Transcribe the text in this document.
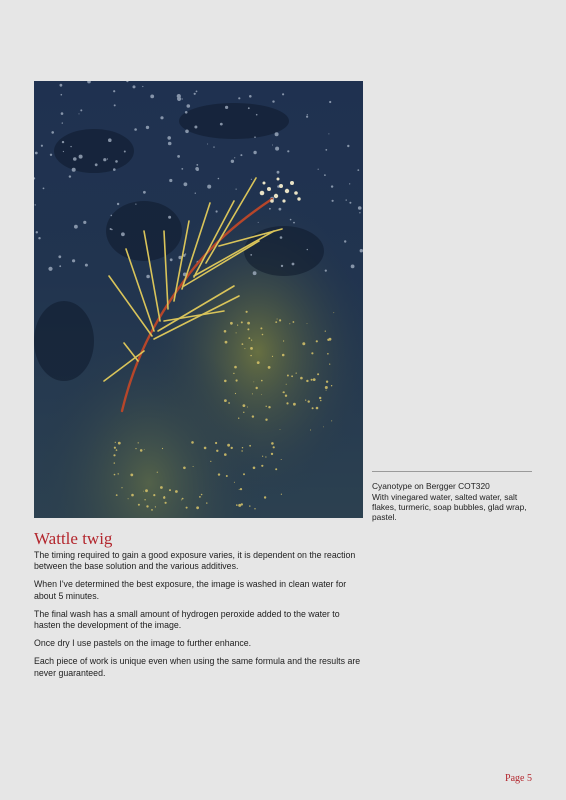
Cyanotype on Bergger COT320
With vinegared water, salted water, salt flakes, turmeric, soap bubbles, glad wrap, pastel.
Wattle twig

The timing required to gain a good exposure varies, it is dependent on the reaction between the base solution and the various additives.

When I've determined the best exposure, the image is washed in clean water for about 5 minutes.

The final wash has a small amount of hydrogen peroxide added to the water to hasten the development of the image.

Once dry I use pastels on the image to further enhance.

Each piece of work is unique even when using the same formula and the results are never guaranteed.

Page 5
